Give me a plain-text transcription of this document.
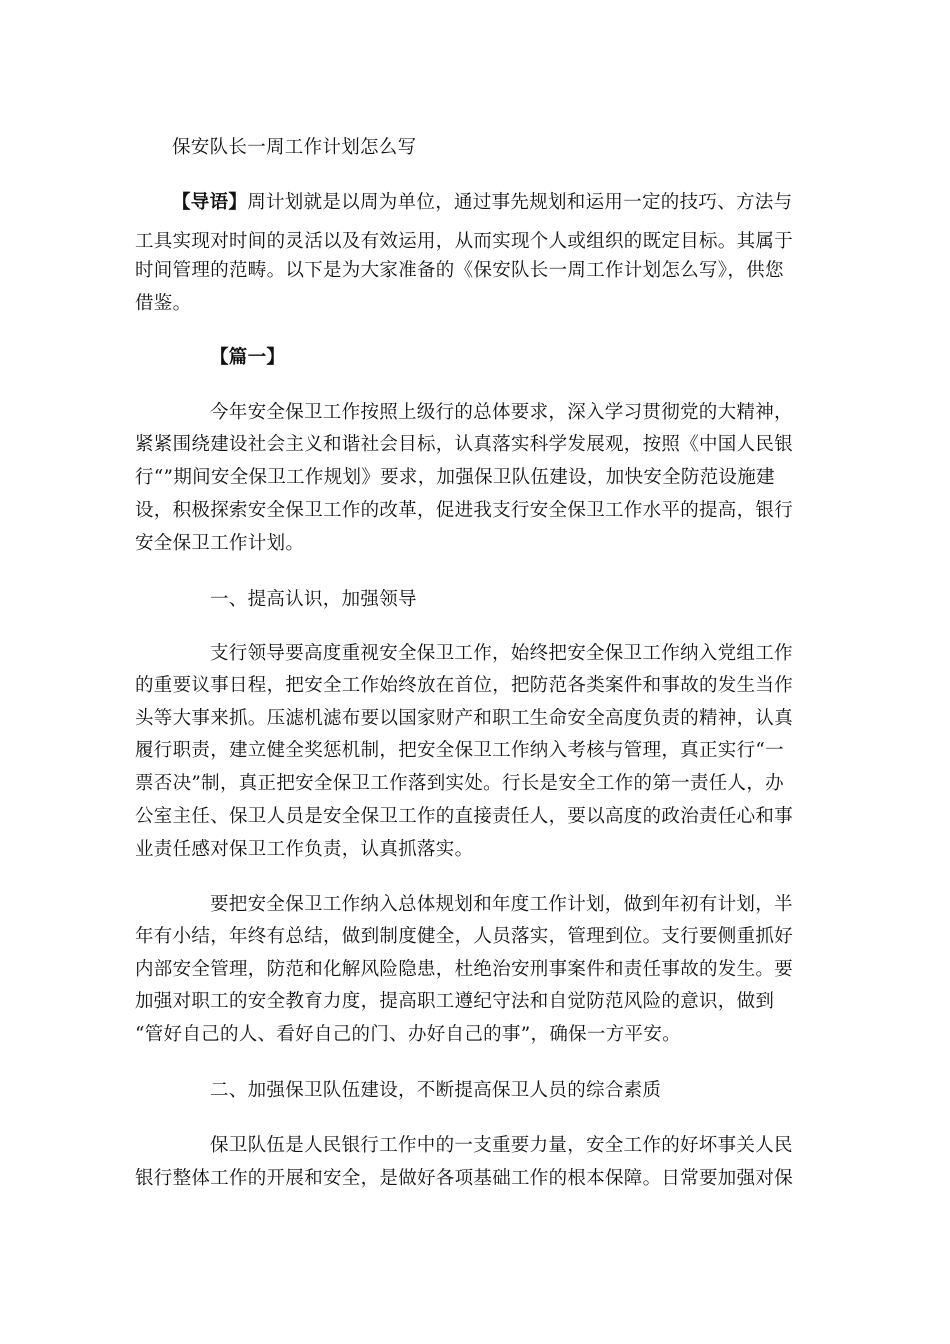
保安队长一周工作计划怎么写
【导语】周计划就是以周为单位，通过事先规划和运用一定的技巧、方法与
工具实现对时间的灵活以及有效运用，从而实现个人或组织的既定目标。其属于
时间管理的范畴。以下是为大家准备的《保安队长一周工作计划怎么写》，供您
借鉴。
【篇一】
今年安全保卫工作按照上级行的总体要求，深入学习贯彻党的大精神，
紧紧围绕建设社会主义和谐社会目标，认真落实科学发展观，按照《中国人民银
行“”期间安全保卫工作规划》要求，加强保卫队伍建设，加快安全防范设施建
设，积极探索安全保卫工作的改革，促进我支行安全保卫工作水平的提高，银行
安全保卫工作计划。
一、提高认识，加强领导
支行领导要高度重视安全保卫工作，始终把安全保卫工作纳入党组工作
的重要议事日程，把安全工作始终放在首位，把防范各类案件和事故的发生当作
头等大事来抓。压滤机滤布要以国家财产和职工生命安全高度负责的精神，认真
履行职责，建立健全奖惩机制，把安全保卫工作纳入考核与管理，真正实行“一
票否决”制，真正把安全保卫工作落到实处。行长是安全工作的第一责任人，办
公室主任、保卫人员是安全保卫工作的直接责任人，要以高度的政治责任心和事
业责任感对保卫工作负责，认真抓落实。
要把安全保卫工作纳入总体规划和年度工作计划，做到年初有计划，半
年有小结，年终有总结，做到制度健全，人员落实，管理到位。支行要侧重抓好
内部安全管理，防范和化解风险隐患，杜绝治安刑事案件和责任事故的发生。要
加强对职工的安全教育力度，提高职工遵纪守法和自觉防范风险的意识，做到
“管好自己的人、看好自己的门、办好自己的事”，确保一方平安。
二、加强保卫队伍建设，不断提高保卫人员的综合素质
保卫队伍是人民银行工作中的一支重要力量，安全工作的好坏事关人民
银行整体工作的开展和安全，是做好各项基础工作的根本保障。日常要加强对保
